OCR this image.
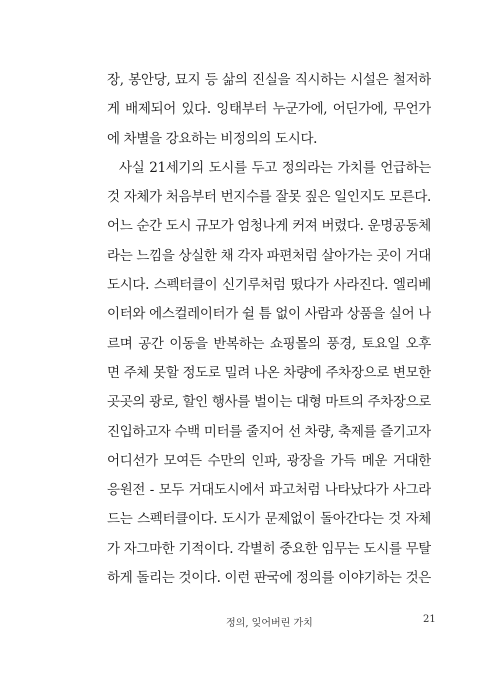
장, 봉안당, 묘지 등 삶의 진실을 직시하는 시설은 철저하
게 배제되어 있다. 잉태부터 누군가에, 어딘가에, 무언가
에 차별을 강요하는 비정의의 도시다.
사실 21세기의 도시를 두고 정의라는 가치를 언급하는
것 자체가 처음부터 번지수를 잘못 짚은 일인지도 모른다.
어느 순간 도시 규모가 엄청나게 커져 버렸다. 운명공동체
라는 느낌을 상실한 채 각자 파편처럼 살아가는 곳이 거대
도시다. 스펙터클이 신기루처럼 떴다가 사라진다. 엘리베
이터와 에스컬레이터가 쉴 틈 없이 사람과 상품을 실어 나
르며 공간 이동을 반복하는 쇼핑몰의 풍경, 토요일 오후
면 주체 못할 정도로 밀려 나온 차량에 주차장으로 변모한
곳곳의 광로, 할인 행사를 벌이는 대형 마트의 주차장으로
진입하고자 수백 미터를 줄지어 선 차량, 축제를 즐기고자
어디선가 모여든 수만의 인파, 광장을 가득 메운 거대한
응원전 - 모두 거대도시에서 파고처럼 나타났다가 사그라
드는 스펙터클이다. 도시가 문제없이 돌아간다는 것 자체
가 자그마한 기적이다. 각별히 중요한 임무는 도시를 무탈
하게 돌리는 것이다. 이런 판국에 정의를 이야기하는 것은
정의, 잊어버린 가치	21
